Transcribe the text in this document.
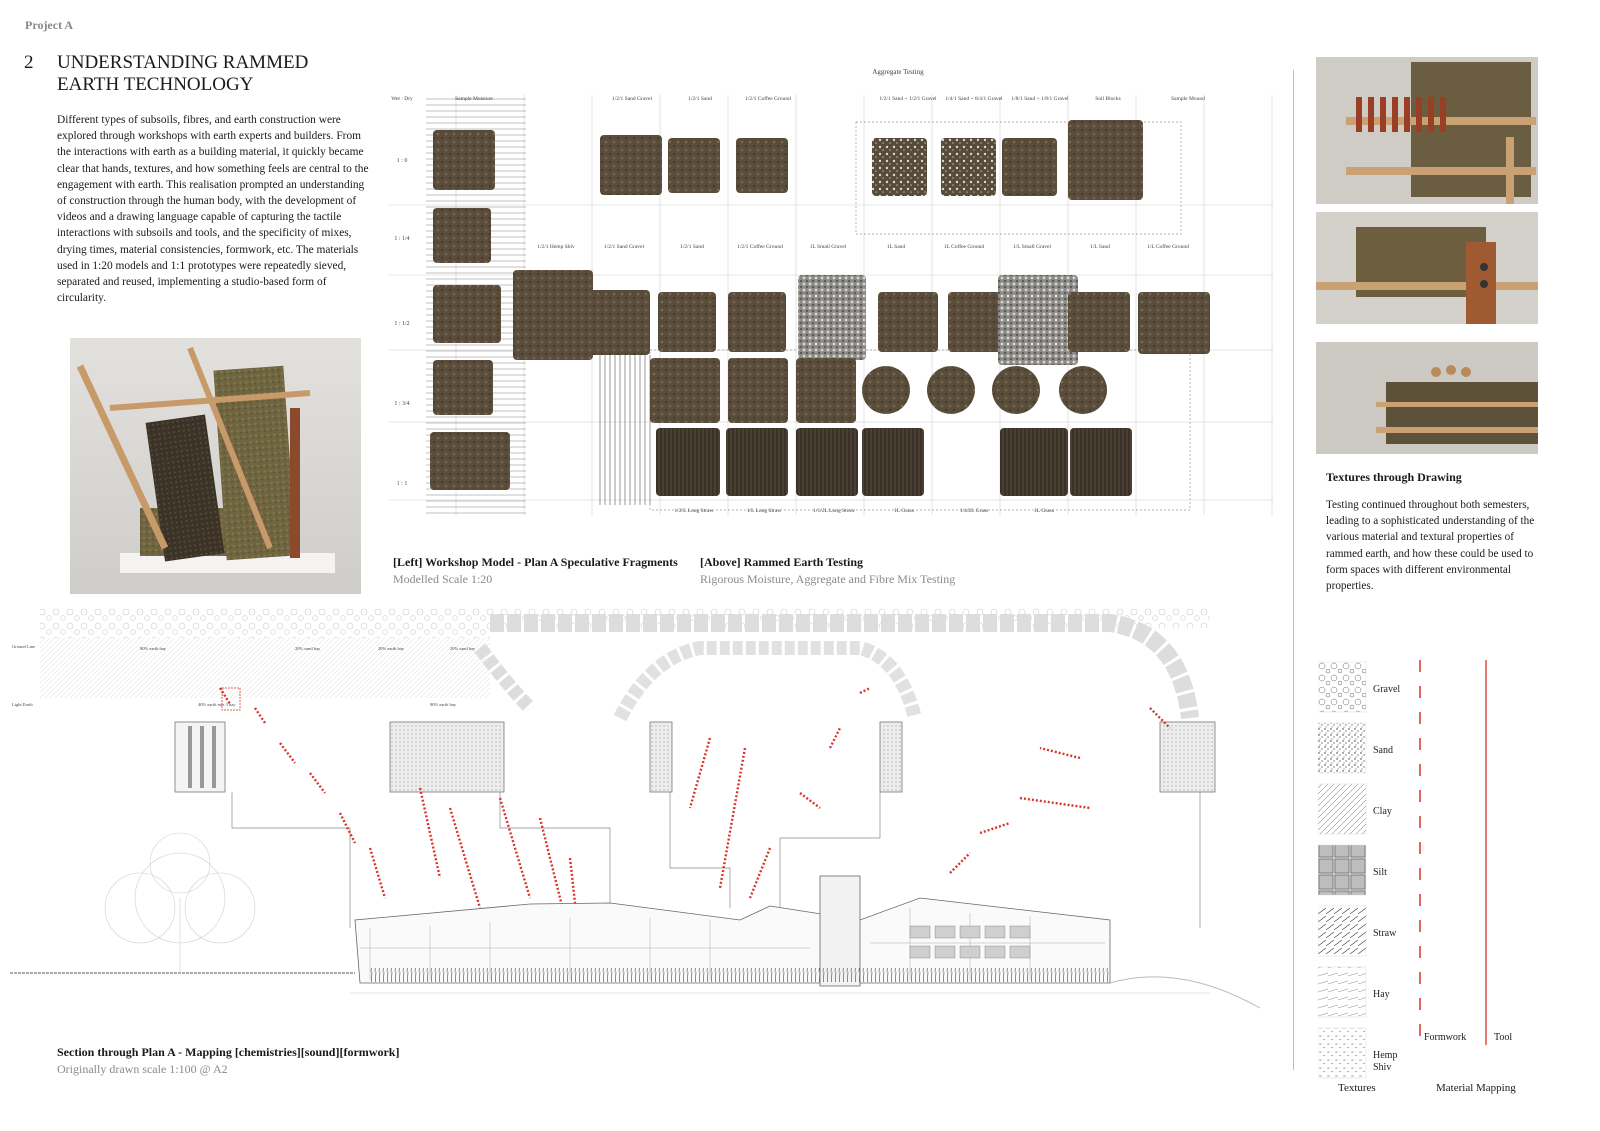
Project A
2 UNDERSTANDING RAMMED EARTH TECHNOLOGY
Different types of subsoils, fibres, and earth construction were explored through workshops with earth experts and builders. From the interactions with earth as a building material, it quickly became clear that hands, textures, and how something feels are central to the engagement with earth. This realisation prompted an understanding of construction through the human body, with the development of videos and a drawing language capable of capturing the tactile interactions with subsoils and tools, and the specificity of mixes, drying times, material consistencies, formwork, etc. The materials used in 1:20 models and 1:1 prototypes were repeatedly sieved, separated and reused, implementing a studio-based form of circularity.
[Left] Workshop Model - Plan A Speculative Fragments
Modelled Scale 1:20
[Above] Rammed Earth Testing
Rigorous Moisture, Aggregate and Fibre Mix Testing
Aggregate Testing
Wet : Dry	Sample Moisture	1/2/1 Sand Gravel	1/2/1 Sand	1/2/1 Coffee Ground	1/2/1 Sand + 1/2/1 Gravel 1/4/1 Sand + 8/4/1 Gravel 1/8/1 Sand + 1/8/1 Gravel	Soil Blocks	Sample Mound
1 : 0
1 : 1/4
1 : 1/2
1 : 3/4
1 : 1
1/2/1 Hemp Shiv	1/2/1 Sand Gravel	1/2/1 Sand	1/2/1 Coffee Ground	1L Small Gravel	1L Sand	1L Coffee Ground	1/L Small Gravel	1/L Sand	1/L Coffee Ground
1/2/L Long Straw	1/L Long Straw	1/1/2L Long Straw	1L Grass	1/4/2L Grass	1L Grass
Textures through Drawing
Testing continued throughout both semesters, leading to a sophisticated understanding of the various material and textural properties of rammed earth, and how these could be used to form spaces with different environmental properties.
Gravel
Sand
Clay
Silt
Straw
Hay
Hemp
Shiv
Formwork	Tool
Textures	Material Mapping
Ground Line
Light Earth
80% earth hay	20% sand hay	20% earth hay	20% sand hay
40% earth mix 3 hay	90% earth hay
Section through Plan A - Mapping [chemistries][sound][formwork]
Originally drawn scale 1:100 @ A2
